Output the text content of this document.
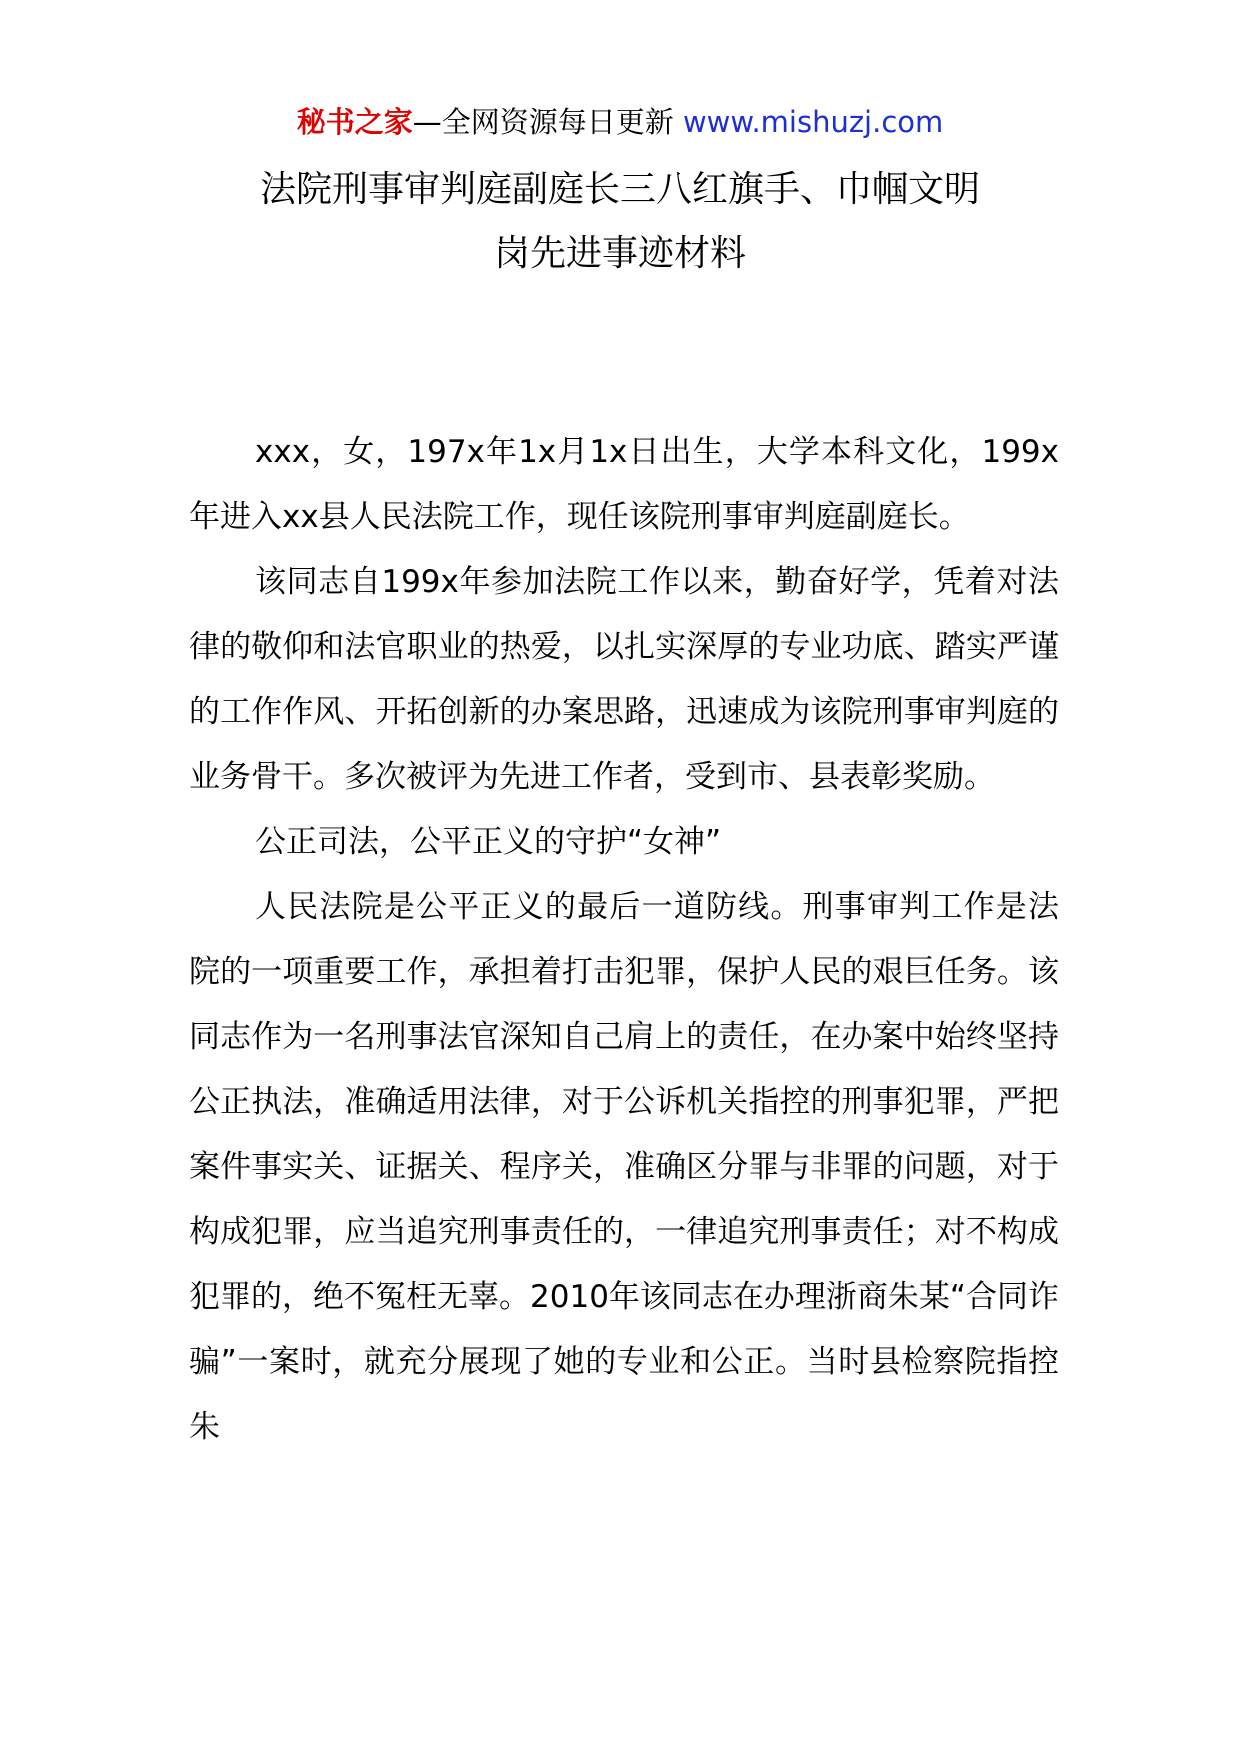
秘书之家—全网资源每日更新 www.mishuzj.com
法院刑事审判庭副庭长三八红旗手、巾帼文明
岗先进事迹材料

xxx，女，197x年1x月1x日出生，大学本科文化，199x年进入xx县人民法院工作，现任该院刑事审判庭副庭长。

该同志自199x年参加法院工作以来，勤奋好学，凭着对法律的敬仰和法官职业的热爱，以扎实深厚的专业功底、踏实严谨的工作作风、开拓创新的办案思路，迅速成为该院刑事审判庭的业务骨干。多次被评为先进工作者，受到市、县表彰奖励。

公正司法，公平正义的守护“女神”

人民法院是公平正义的最后一道防线。刑事审判工作是法院的一项重要工作，承担着打击犯罪，保护人民的艰巨任务。该同志作为一名刑事法官深知自己肩上的责任，在办案中始终坚持公正执法，准确适用法律，对于公诉机关指控的刑事犯罪，严把案件事实关、证据关、程序关，准确区分罪与非罪的问题，对于构成犯罪，应当追究刑事责任的，一律追究刑事责任；对不构成犯罪的，绝不冤枉无辜。2010年该同志在办理浙商朱某“合同诈骗”一案时，就充分展现了她的专业和公正。当时县检察院指控朱
